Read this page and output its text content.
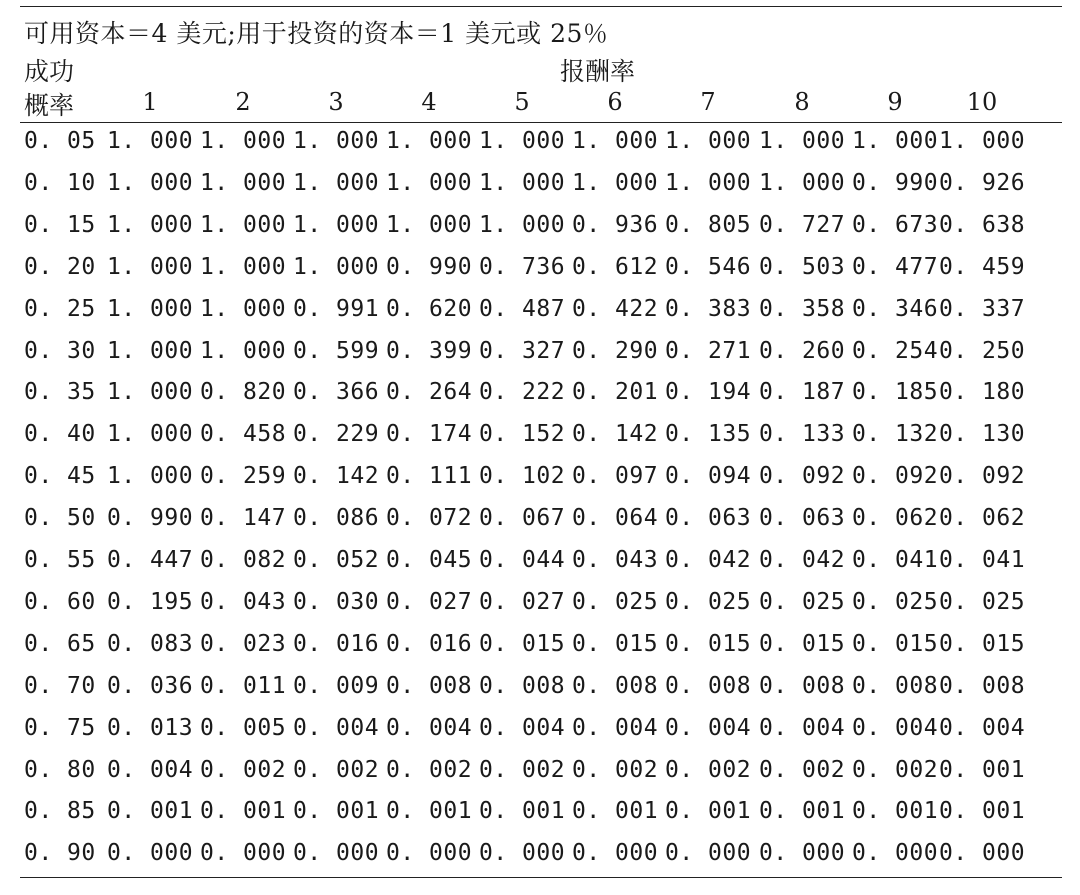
可用资本＝4 美元;用于投资的资本＝1 美元或 25％
成功
概率
报酬率
1	2	3	4	5	6	7	8	9	10
0. 05 1. 000 1. 000 1. 000 1. 000 1. 000 1. 000 1. 000 1. 000 1. 000 1. 000
0. 10 1. 000 1. 000 1. 000 1. 000 1. 000 1. 000 1. 000 1. 000 0. 990 0. 926
0. 15 1. 000 1. 000 1. 000 1. 000 1. 000 0. 936 0. 805 0. 727 0. 673 0. 638
0. 20 1. 000 1. 000 1. 000 0. 990 0. 736 0. 612 0. 546 0. 503 0. 477 0. 459
0. 25 1. 000 1. 000 0. 991 0. 620 0. 487 0. 422 0. 383 0. 358 0. 346 0. 337
0. 30 1. 000 1. 000 0. 599 0. 399 0. 327 0. 290 0. 271 0. 260 0. 254 0. 250
0. 35 1. 000 0. 820 0. 366 0. 264 0. 222 0. 201 0. 194 0. 187 0. 185 0. 180
0. 40 1. 000 0. 458 0. 229 0. 174 0. 152 0. 142 0. 135 0. 133 0. 132 0. 130
0. 45 1. 000 0. 259 0. 142 0. 111 0. 102 0. 097 0. 094 0. 092 0. 092 0. 092
0. 50 0. 990 0. 147 0. 086 0. 072 0. 067 0. 064 0. 063 0. 063 0. 062 0. 062
0. 55 0. 447 0. 082 0. 052 0. 045 0. 044 0. 043 0. 042 0. 042 0. 041 0. 041
0. 60 0. 195 0. 043 0. 030 0. 027 0. 027 0. 025 0. 025 0. 025 0. 025 0. 025
0. 65 0. 083 0. 023 0. 016 0. 016 0. 015 0. 015 0. 015 0. 015 0. 015 0. 015
0. 70 0. 036 0. 011 0. 009 0. 008 0. 008 0. 008 0. 008 0. 008 0. 008 0. 008
0. 75 0. 013 0. 005 0. 004 0. 004 0. 004 0. 004 0. 004 0. 004 0. 004 0. 004
0. 80 0. 004 0. 002 0. 002 0. 002 0. 002 0. 002 0. 002 0. 002 0. 002 0. 001
0. 85 0. 001 0. 001 0. 001 0. 001 0. 001 0. 001 0. 001 0. 001 0. 001 0. 001
0. 90 0. 000 0. 000 0. 000 0. 000 0. 000 0. 000 0. 000 0. 000 0. 000 0. 000
